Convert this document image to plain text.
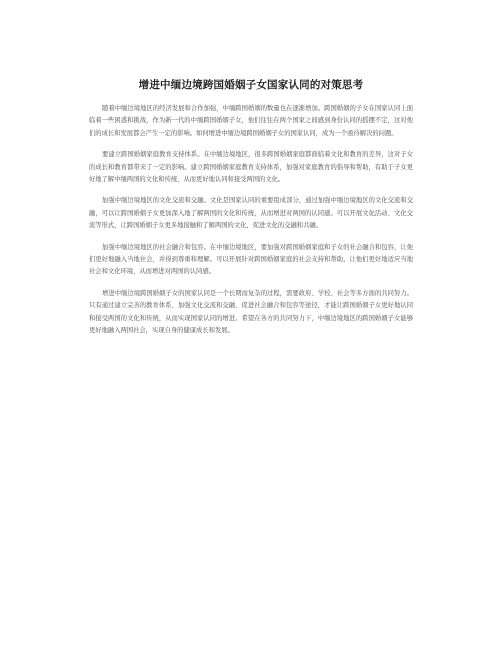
增进中缅边境跨国婚姻子女国家认同的对策思考

随着中缅边境地区的经济发展和合作加强，中缅跨国婚姻的数量也在逐渐增加。跨国婚姻的子女在国家认同上面临着一些困惑和挑战，作为新一代的中缅跨国婚姻子女，他们往往在两个国家之间感到身份认同的摇摆不定，这对他们的成长和发展都会产生一定的影响。如何增进中缅边境跨国婚姻子女的国家认同，成为一个亟待解决的问题。

要建立跨国婚姻家庭教育支持体系。在中缅边境地区，很多跨国婚姻家庭都面临着文化和教育的差异，这对子女的成长和教育都带来了一定的影响。建立跨国婚姻家庭教育支持体系，加强对家庭教育的指导和帮助，有助于子女更好地了解中缅两国的文化和传统，从而更好地认同和接受两国的文化。

加强中缅边境地区的文化交流和交融。文化是国家认同的重要组成部分，通过加强中缅边境地区的文化交流和交融，可以让跨国婚姻子女更加深入地了解两国的文化和传统，从而增进对两国的认同感。可以开展文化活动、文化交流等形式，让跨国婚姻子女更多地接触和了解两国的文化，促进文化的交融和共融。

加强中缅边境地区的社会融合和包容。在中缅边境地区，要加强对跨国婚姻家庭和子女的社会融合和包容，让他们更好地融入当地社会，并得到尊重和理解。可以开展针对跨国婚姻家庭的社会支持和帮助，让他们更好地适应当地社会和文化环境，从而增进对两国的认同感。

增进中缅边境跨国婚姻子女的国家认同是一个长期而复杂的过程，需要政府、学校、社会等多方面的共同努力。只有通过建立完善的教育体系、加强文化交流和交融、促进社会融合和包容等途径，才能让跨国婚姻子女更好地认同和接受两国的文化和传统，从而实现国家认同的增进。希望在各方的共同努力下，中缅边境地区的跨国婚姻子女能够更好地融入两国社会，实现自身的健康成长和发展。
